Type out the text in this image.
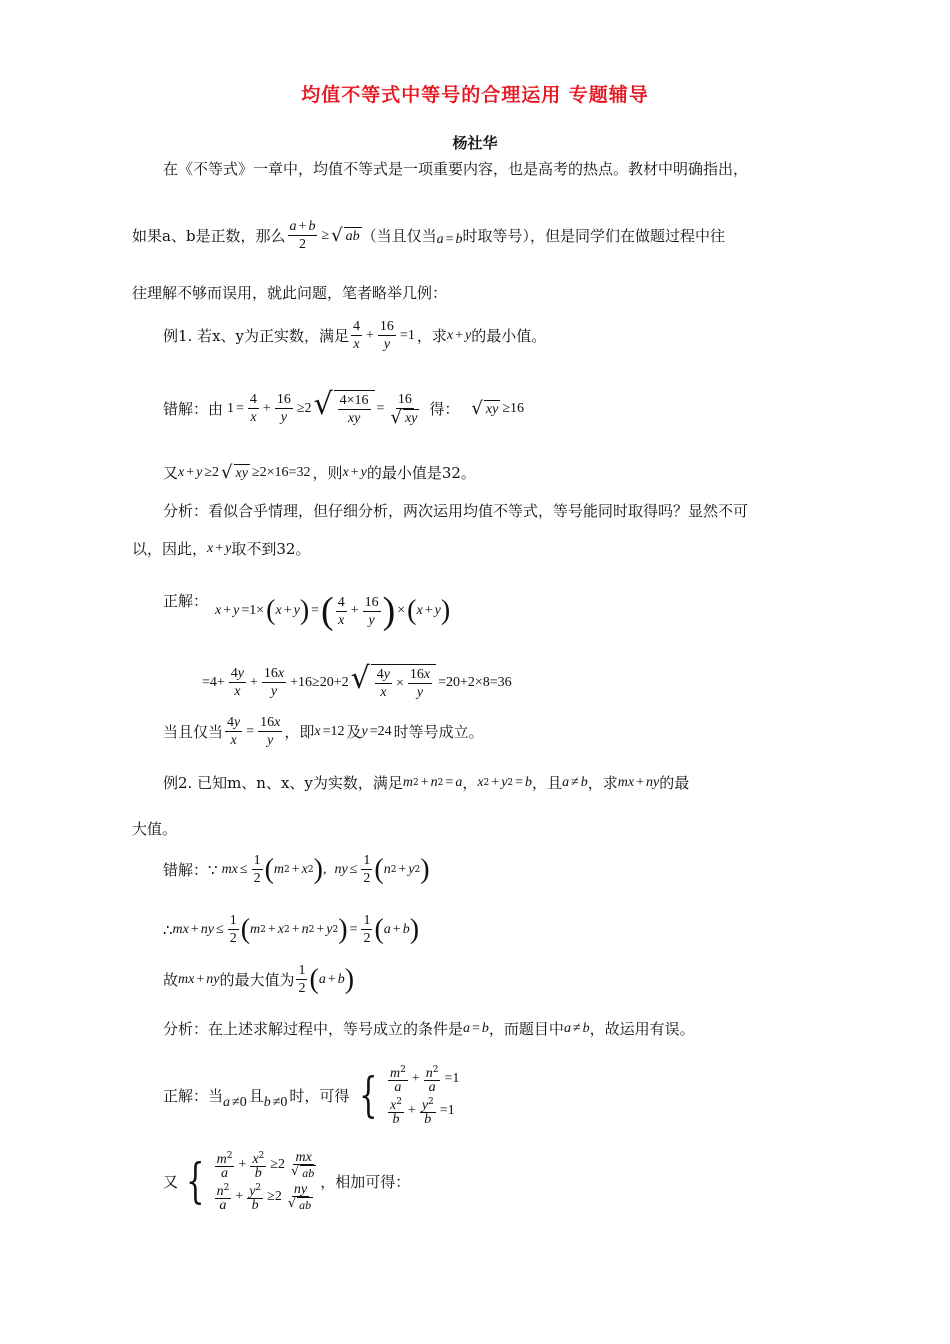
均值不等式中等号的合理运用 专题辅导
杨社华
在《不等式》一章中，均值不等式是一项重要内容，也是高考的热点。教材中明确指出，
如果a、b是正数，那么 $\frac{a + b}{2}$ ≥ √ ab （当且仅当 a = b 时取等号），但是同学们在做题过程中往
往理解不够而误用，就此问题，笔者略举几例：
例1. 若x、y为正实数，满足 $\frac{4}{x} + \frac{16}{y} =1$ ，求 x + y 的最小值。
错解：由 $1 = \frac{4}{x} + \frac{16}{y} \ge 2$ √ $\frac{4\times 16}{xy} = \frac{16}{√ xy}$ 得： √ xy ≥16
又 x + y ≥2 √ xy ≥2×16=32 ，则 x + y 的最小值是32。
分析：看似合乎情理，但仔细分析，两次运用均值不等式，等号能同时取得吗？显然不可
以，因此， x + y 取不到32。
正解：
x + y =1× ( x + y ) = ( $\frac{4}{x} + \frac{16}{y}$ ) × ( x + y )
$=4+ \frac{4y}{x} + \frac{16x}{y} +16\ge 20+2$ √ $\frac{4y}{x} \times \frac{16x}{y} =20+2\times 8=36$
当且仅当 $\frac{4y}{x} = \frac{16x}{y}$ ，即 x =12 及 y =24 时等号成立。
例2. 已知m、n、x、y为实数，满足 m 2 + n 2 = a ， x 2 + y 2 = b ，且 a ≠ b ，求 mx + ny 的最
大值。
错解： ∵ mx ≤ $\frac{1}{2}$ ( m 2 + x 2 ) , ny ≤ $\frac{1}{2}$ ( n 2 + y 2 )
∴ mx + ny ≤ $\frac{1}{2}$ ( m 2 + x 2 + n 2 + y 2 ) = $\frac{1}{2}$ ( a + b )
故 mx + ny 的最大值为 $\frac{1}{2}$ ( a + b )
分析：在上述求解过程中，等号成立的条件是 a = b ，而题目中 a ≠ b ，故运用有误。
正解：当 a ≠0 且 b ≠0 时，可得 { $\frac{m^2}{a} + \frac{n^2}{a} =1$
$\frac{x^2}{b} + \frac{y^2}{b} =1$
又 { $\frac{m^2}{a} + \frac{x^2}{b} \ge 2 \frac{mx}{√ ab}$
$\frac{n^2}{a} + \frac{y^2}{b} \ge 2 \frac{ny}{√ ab}$
，相加可得：
